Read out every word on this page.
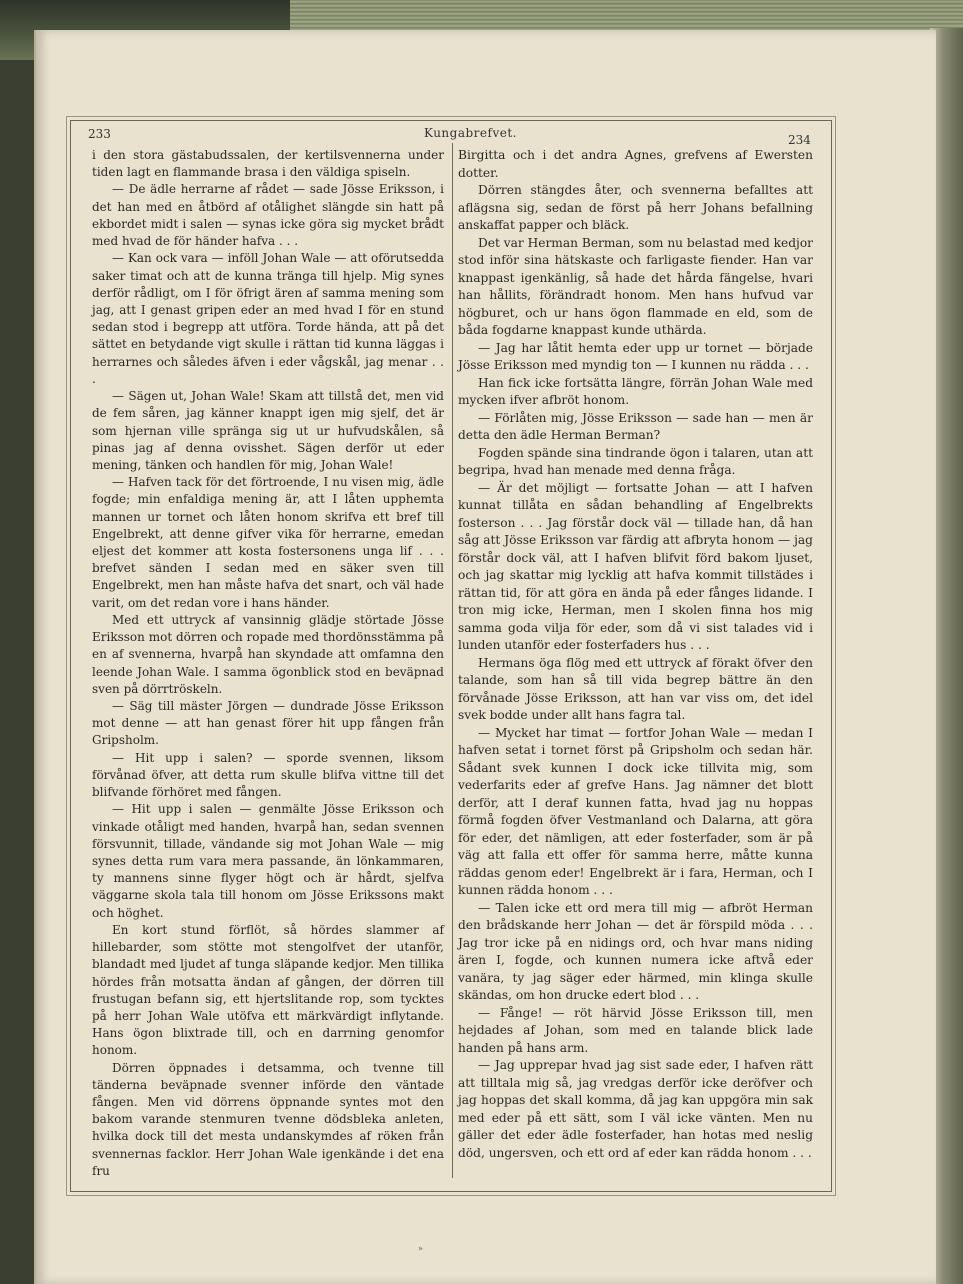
233	Kungabrefvet.	234

i den stora gästabudssalen, der kertilsvennerna under tiden lagt en flammande brasa i den väldiga spiseln.

— De ädle herrarne af rådet — sade Jösse Eriksson, i det han med en åtbörd af otålighet slängde sin hatt på ekbordet midt i salen — synas icke göra sig mycket brådt med hvad de för händer hafva . . .

— Kan ock vara — inföll Johan Wale — att oförutsedda saker timat och att de kunna tränga till hjelp. Mig synes derför rådligt, om I för öfrigt ären af samma mening som jag, att I genast gripen eder an med hvad I för en stund sedan stod i begrepp att utföra. Torde hända, att på det sättet en betydande vigt skulle i rättan tid kunna läggas i herrarnes och således äfven i eder vågskål, jag menar . . .

— Sägen ut, Johan Wale! Skam att tillstå det, men vid de fem såren, jag känner knappt igen mig sjelf, det är som hjernan ville spränga sig ut ur hufvudskålen, så pinas jag af denna ovisshet. Sägen derför ut eder mening, tänken och handlen för mig, Johan Wale!

— Hafven tack för det förtroende, I nu visen mig, ädle fogde; min enfaldiga mening är, att I låten upphemta mannen ur tornet och låten honom skrifva ett bref till Engelbrekt, att denne gifver vika för herrarne, emedan eljest det kommer att kosta fostersonens unga lif . . . brefvet sänden I sedan med en säker sven till Engelbrekt, men han måste hafva det snart, och väl hade varit, om det redan vore i hans händer.

Med ett uttryck af vansinnig glädje störtade Jösse Eriksson mot dörren och ropade med thordönsstämma på en af svennerna, hvarpå han skyndade att omfamna den leende Johan Wale. I samma ögonblick stod en beväpnad sven på dörrtröskeln.

— Säg till mäster Jörgen — dundrade Jösse Eriksson mot denne — att han genast förer hit upp fången från Gripsholm.

— Hit upp i salen? — sporde svennen, liksom förvånad öfver, att detta rum skulle blifva vittne till det blifvande förhöret med fången.

— Hit upp i salen — genmälte Jösse Eriksson och vinkade otåligt med handen, hvarpå han, sedan svennen försvunnit, tillade, vändande sig mot Johan Wale — mig synes detta rum vara mera passande, än lönkammaren, ty mannens sinne flyger högt och är hårdt, sjelfva väggarne skola tala till honom om Jösse Erikssons makt och höghet.

En kort stund förflöt, så hördes slammer af hillebarder, som stötte mot stengolfvet der utanför, blandadt med ljudet af tunga släpande kedjor. Men tillika hördes från motsatta ändan af gången, der dörren till frustugan befann sig, ett hjertslitande rop, som tycktes på herr Johan Wale utöfva ett märkvärdigt inflytande. Hans ögon blixtrade till, och en darrning genomfor honom.

Dörren öppnades i detsamma, och tvenne till tänderna beväpnade svenner införde den väntade fången. Men vid dörrens öppnande syntes mot den bakom varande stenmuren tvenne dödsbleka anleten, hvilka dock till det mesta undanskymdes af röken från svennernas facklor. Herr Johan Wale igenkände i det ena fru

Birgitta och i det andra Agnes, grefvens af Ewersten dotter.

Dörren stängdes åter, och svennerna befalltes att aflägsna sig, sedan de först på herr Johans befallning anskaffat papper och bläck.

Det var Herman Berman, som nu belastad med kedjor stod inför sina hätskaste och farligaste fiender. Han var knappast igenkänlig, så hade det hårda fängelse, hvari han hållits, förändradt honom. Men hans hufvud var högburet, och ur hans ögon flammade en eld, som de båda fogdarne knappast kunde uthärda.

— Jag har låtit hemta eder upp ur tornet — började Jösse Eriksson med myndig ton — I kunnen nu rädda . . .

Han fick icke fortsätta längre, förrän Johan Wale med mycken ifver afbröt honom.

— Förlåten mig, Jösse Eriksson — sade han — men är detta den ädle Herman Berman?

Fogden spände sina tindrande ögon i talaren, utan att begripa, hvad han menade med denna fråga.

— Är det möjligt — fortsatte Johan — att I hafven kunnat tillåta en sådan behandling af Engelbrekts fosterson . . . Jag förstår dock väl — tillade han, då han såg att Jösse Eriksson var färdig att afbryta honom — jag förstår dock väl, att I hafven blifvit förd bakom ljuset, och jag skattar mig lycklig att hafva kommit tillstädes i rättan tid, för att göra en ända på eder fånges lidande. I tron mig icke, Herman, men I skolen finna hos mig samma goda vilja för eder, som då vi sist talades vid i lunden utanför eder fosterfaders hus . . .

Hermans öga flög med ett uttryck af förakt öfver den talande, som han så till vida begrep bättre än den förvånade Jösse Eriksson, att han var viss om, det idel svek bodde under allt hans fagra tal.

— Mycket har timat — fortfor Johan Wale — medan I hafven setat i tornet först på Gripsholm och sedan här. Sådant svek kunnen I dock icke tillvita mig, som vederfarits eder af grefve Hans. Jag nämner det blott derför, att I deraf kunnen fatta, hvad jag nu hoppas förmå fogden öfver Vestmanland och Dalarna, att göra för eder, det nämligen, att eder fosterfader, som är på väg att falla ett offer för samma herre, måtte kunna räddas genom eder! Engelbrekt är i fara, Herman, och I kunnen rädda honom . . .

— Talen icke ett ord mera till mig — afbröt Herman den brådskande herr Johan — det är förspild möda . . . Jag tror icke på en nidings ord, och hvar mans niding ären I, fogde, och kunnen numera icke aftvå eder vanära, ty jag säger eder härmed, min klinga skulle skändas, om hon drucke edert blod . . .

— Fånge! — röt härvid Jösse Eriksson till, men hejdades af Johan, som med en talande blick lade handen på hans arm.

— Jag upprepar hvad jag sist sade eder, I hafven rätt att tilltala mig så, jag vredgas derför icke deröfver och jag hoppas det skall komma, då jag kan uppgöra min sak med eder på ett sätt, som I väl icke vänten. Men nu gäller det eder ädle fosterfader, han hotas med neslig död, ungersven, och ett ord af eder kan rädda honom . . .

»
